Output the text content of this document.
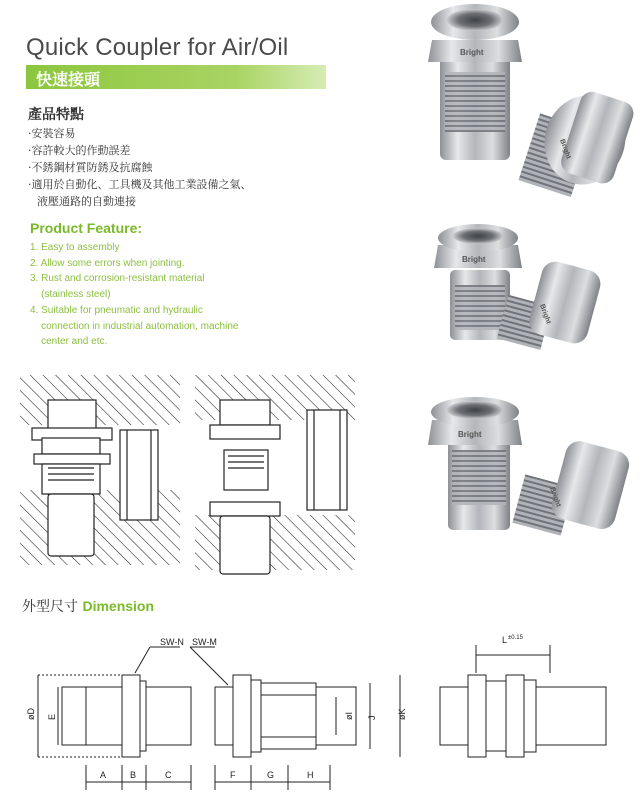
Quick Coupler for Air/Oil
快速接頭
產品特點
‧安裝容易
‧容許較大的作動誤差
‧不銹鋼材質防銹及抗腐蝕
‧適用於自動化、工具機及其他工業設備之氣、
液壓通路的自動連接
Product Feature:
1. Easy to assembly
2. Allow some errors when jointing.
3. Rust and corrosion-resistant material
(stainless steel)
4. Suitable for pneumatic and hydraulic
connection in industrial automation, machine
center and etc.
Bright
Bright
Bright
Bright
Bright
Bright
外型尺寸 Dimension
SW-N SW-M
øD E
A	B	C	F	G	H
øI J øK
L ±0.15
